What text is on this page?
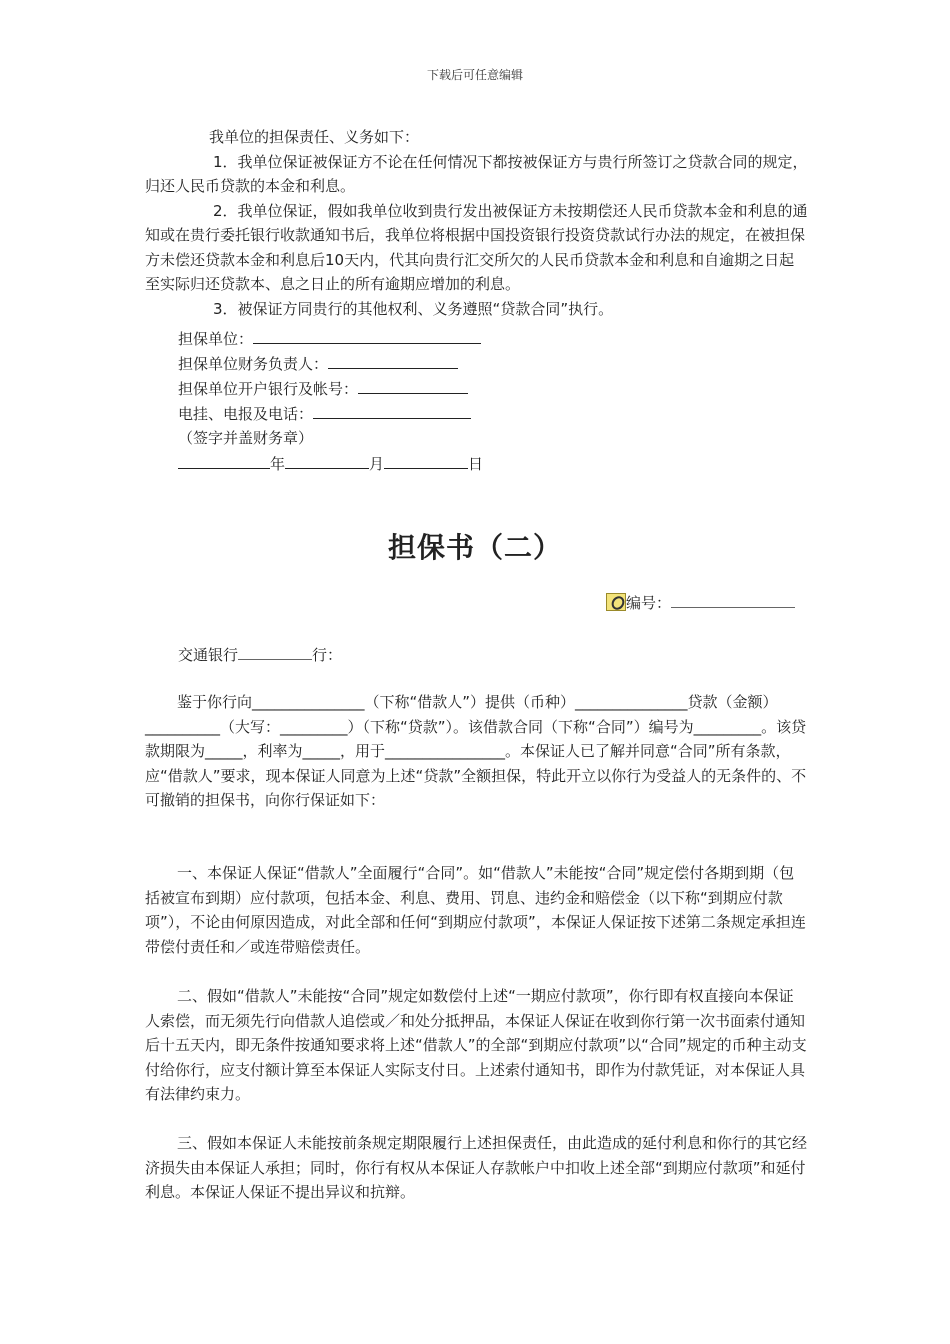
下载后可任意编辑

我单位的担保责任、义务如下：

1．我单位保证被保证方不论在任何情况下都按被保证方与贵行所签订之贷款合同的规定，归还人民币贷款的本金和利息。

2．我单位保证，假如我单位收到贵行发出被保证方未按期偿还人民币贷款本金和利息的通知或在贵行委托银行收款通知书后，我单位将根据中国投资银行投资贷款试行办法的规定，在被担保方未偿还贷款本金和利息后10天内，代其向贵行汇交所欠的人民币贷款本金和利息和自逾期之日起至实际归还贷款本、息之日止的所有逾期应增加的利息。

3．被保证方同贵行的其他权利、义务遵照“贷款合同”执行。

担保单位：
担保单位财务负责人：
担保单位开户银行及帐号：
电挂、电报及电话：
（签字并盖财务章）
年	月	日
担保书（二）
编号：
交通银行	行：

鉴于你行向_______________（下称“借款人”）提供（币种）_______________贷款（金额）__________（大写：_________）（下称“贷款”）。该借款合同（下称“合同”）编号为_________。该贷款期限为_____，利率为_____，用于________________。本保证人已了解并同意“合同”所有条款，应“借款人”要求，现本保证人同意为上述“贷款”全额担保，特此开立以你行为受益人的无条件的、不可撤销的担保书，向你行保证如下：

一、本保证人保证“借款人”全面履行“合同”。如“借款人”未能按“合同”规定偿付各期到期（包括被宣布到期）应付款项，包括本金、利息、费用、罚息、违约金和赔偿金（以下称“到期应付款项”），不论由何原因造成，对此全部和任何“到期应付款项”，本保证人保证按下述第二条规定承担连带偿付责任和／或连带赔偿责任。

二、假如“借款人”未能按“合同”规定如数偿付上述“一期应付款项”，你行即有权直接向本保证人索偿，而无须先行向借款人追偿或／和处分抵押品，本保证人保证在收到你行第一次书面索付通知后十五天内，即无条件按通知要求将上述“借款人”的全部“到期应付款项”以“合同”规定的币种主动支付给你行，应支付额计算至本保证人实际支付日。上述索付通知书，即作为付款凭证，对本保证人具有法律约束力。

三、假如本保证人未能按前条规定期限履行上述担保责任，由此造成的延付利息和你行的其它经济损失由本保证人承担；同时，你行有权从本保证人存款帐户中扣收上述全部“到期应付款项”和延付利息。本保证人保证不提出异议和抗辩。
